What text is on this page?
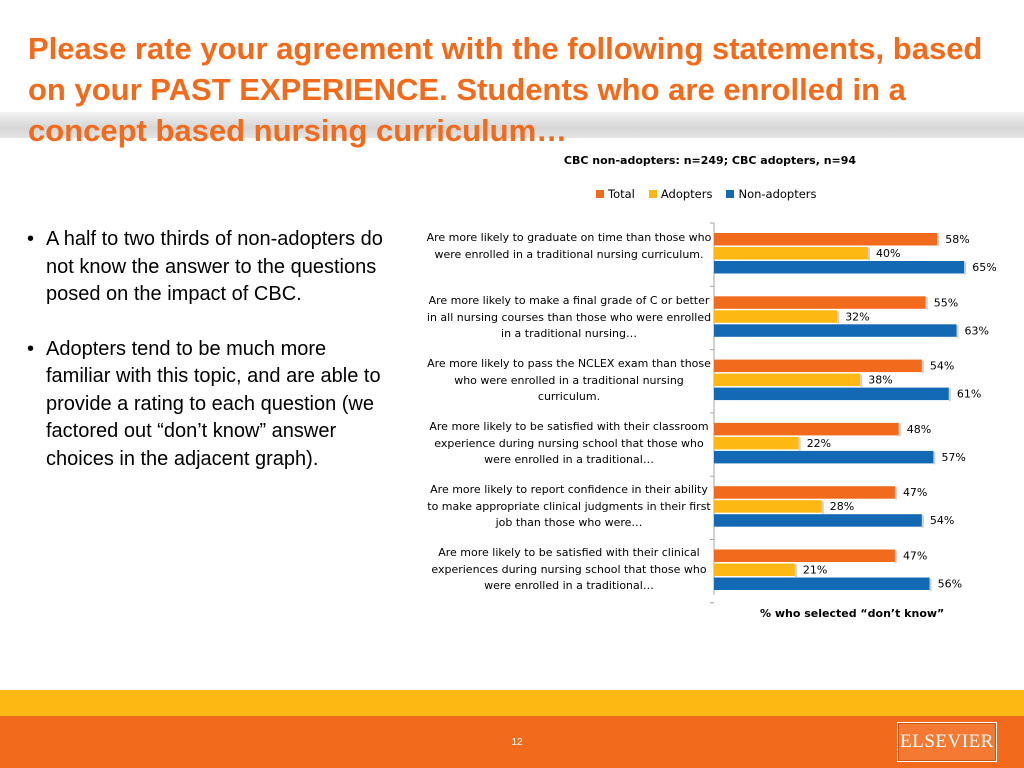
Please rate your agreement with the following statements, based on your PAST EXPERIENCE. Students who are enrolled in a concept based nursing curriculum…
• A half to two thirds of non-adopters do not know the answer to the questions posed on the impact of CBC.
• Adopters tend to be much more familiar with this topic, and are able to provide a rating to each question (we factored out “don’t know” answer choices in the adjacent graph).
CBC non-adopters: n=249; CBC adopters, n=94
Total Adopters Non-adopters
Are more likely to graduate on time than those who were enrolled in a traditional nursing curriculum.
Are more likely to make a final grade of C or better in all nursing courses than those who were enrolled in a traditional nursing…
Are more likely to pass the NCLEX exam than those who were enrolled in a traditional nursing curriculum.
Are more likely to be satisfied with their classroom experience during nursing school that those who were enrolled in a traditional…
Are more likely to report confidence in their ability to make appropriate clinical judgments in their first job than those who were…
Are more likely to be satisfied with their clinical experiences during nursing school that those who were enrolled in a traditional…
58%
40%
65%
55%
32%
63%
54%
38%
61%
48%
22%
57%
47%
28%
54%
47%
21%
56%
% who selected “don’t know”
12	ELSEVIER
